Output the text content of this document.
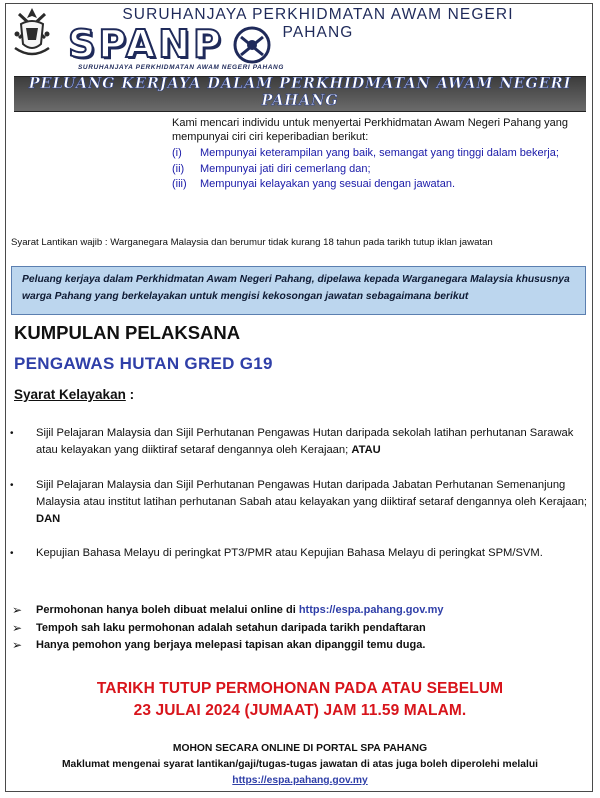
SURUHANJAYA PERKHIDMATAN AWAM NEGERI PAHANG
SPANP
SURUHANJAYA PERKHIDMATAN AWAM NEGERI PAHANG
PELUANG KERJAYA DALAM PERKHIDMATAN AWAM NEGERI PAHANG
Kami mencari individu untuk menyertai Perkhidmatan Awam Negeri Pahang yang mempunyai ciri ciri keperibadian berikut:
(i)	Mempunyai keterampilan yang baik, semangat yang tinggi dalam bekerja;
(ii)	Mempunyai jati diri cemerlang dan;
(iii)	Mempunyai kelayakan yang sesuai dengan jawatan.
Syarat Lantikan wajib : Warganegara Malaysia dan berumur tidak kurang 18 tahun pada tarikh tutup iklan jawatan
Peluang kerjaya dalam Perkhidmatan Awam Negeri Pahang, dipelawa kepada Warganegara Malaysia khususnya warga Pahang yang berkelayakan untuk mengisi kekosongan jawatan sebagaimana berikut
KUMPULAN PELAKSANA
PENGAWAS HUTAN GRED G19
Syarat Kelayakan :
•	Sijil Pelajaran Malaysia dan Sijil Perhutanan Pengawas Hutan daripada sekolah latihan perhutanan Sarawak atau kelayakan yang diiktiraf setaraf dengannya oleh Kerajaan; ATAU
•	Sijil Pelajaran Malaysia dan Sijil Perhutanan Pengawas Hutan daripada Jabatan Perhutanan Semenanjung Malaysia atau institut latihan perhutanan Sabah atau kelayakan yang diiktiraf setaraf dengannya oleh Kerajaan; DAN
•	Kepujian Bahasa Melayu di peringkat PT3/PMR atau Kepujian Bahasa Melayu di peringkat SPM/SVM.
➢	Permohonan hanya boleh dibuat melalui online di https://espa.pahang.gov.my
➢	Tempoh sah laku permohonan adalah setahun daripada tarikh pendaftaran
➢	Hanya pemohon yang berjaya melepasi tapisan akan dipanggil temu duga.
TARIKH TUTUP PERMOHONAN PADA ATAU SEBELUM
23 JULAI 2024 (JUMAAT) JAM 11.59 MALAM.
MOHON SECARA ONLINE DI PORTAL SPA PAHANG
Maklumat mengenai syarat lantikan/gaji/tugas-tugas jawatan di atas juga boleh diperolehi melalui
https://espa.pahang.gov.my
